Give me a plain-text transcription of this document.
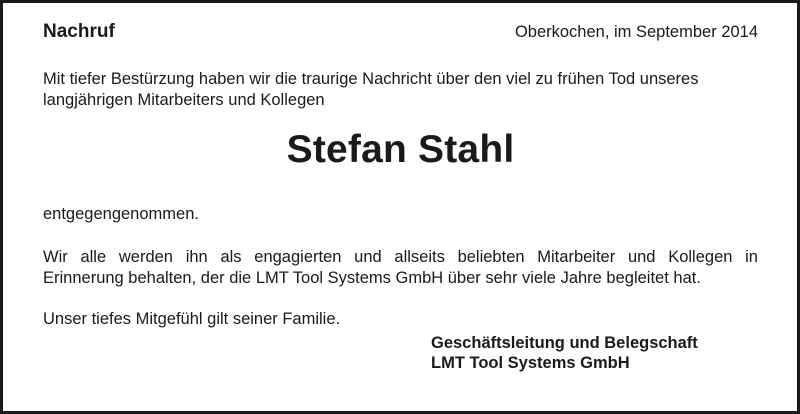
Nachruf	Oberkochen, im September 2014
Mit tiefer Bestürzung haben wir die traurige Nachricht über den viel zu frühen Tod unseres
langjährigen Mitarbeiters und Kollegen
Stefan Stahl
entgegengenommen.
Wir alle werden ihn als engagierten und allseits beliebten Mitarbeiter und Kollegen in
Erinnerung behalten, der die LMT Tool Systems GmbH über sehr viele Jahre begleitet hat.
Unser tiefes Mitgefühl gilt seiner Familie.
Geschäftsleitung und Belegschaft
LMT Tool Systems GmbH
